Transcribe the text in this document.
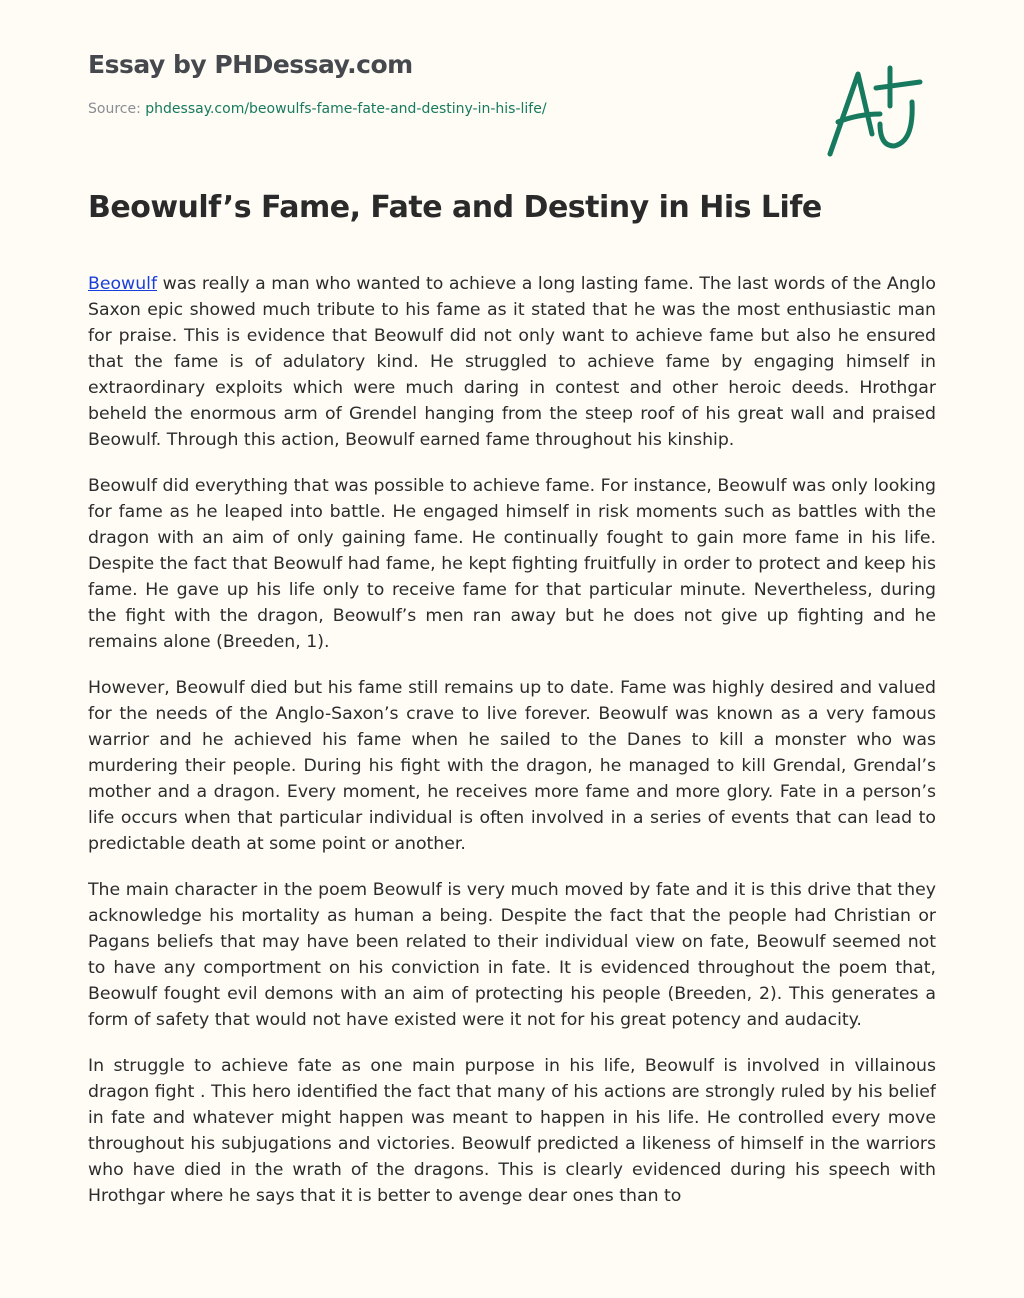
Essay by PHDessay.com
Source: phdessay.com/beowulfs-fame-fate-and-destiny-in-his-life/
Beowulf’s Fame, Fate and Destiny in His Life

Beowulf was really a man who wanted to achieve a long lasting fame. The last words of the Anglo Saxon epic showed much tribute to his fame as it stated that he was the most enthusiastic man for praise. This is evidence that Beowulf did not only want to achieve fame but also he ensured that the fame is of adulatory kind. He struggled to achieve fame by engaging himself in extraordinary exploits which were much daring in contest and other heroic deeds. Hrothgar beheld the enormous arm of Grendel hanging from the steep roof of his great wall and praised Beowulf. Through this action, Beowulf earned fame throughout his kinship.

Beowulf did everything that was possible to achieve fame. For instance, Beowulf was only looking for fame as he leaped into battle. He engaged himself in risk moments such as battles with the dragon with an aim of only gaining fame. He continually fought to gain more fame in his life. Despite the fact that Beowulf had fame, he kept fighting fruitfully in order to protect and keep his fame. He gave up his life only to receive fame for that particular minute. Nevertheless, during the fight with the dragon, Beowulf’s men ran away but he does not give up fighting and he remains alone (Breeden, 1).

However, Beowulf died but his fame still remains up to date. Fame was highly desired and valued for the needs of the Anglo-Saxon’s crave to live forever. Beowulf was known as a very famous warrior and he achieved his fame when he sailed to the Danes to kill a monster who was murdering their people. During his fight with the dragon, he managed to kill Grendal, Grendal’s mother and a dragon. Every moment, he receives more fame and more glory. Fate in a person’s life occurs when that particular individual is often involved in a series of events that can lead to predictable death at some point or another.

The main character in the poem Beowulf is very much moved by fate and it is this drive that they acknowledge his mortality as human a being. Despite the fact that the people had Christian or Pagans beliefs that may have been related to their individual view on fate, Beowulf seemed not to have any comportment on his conviction in fate. It is evidenced throughout the poem that, Beowulf fought evil demons with an aim of protecting his people (Breeden, 2). This generates a form of safety that would not have existed were it not for his great potency and audacity.

In struggle to achieve fate as one main purpose in his life, Beowulf is involved in villainous dragon fight . This hero identified the fact that many of his actions are strongly ruled by his belief in fate and whatever might happen was meant to happen in his life. He controlled every move throughout his subjugations and victories. Beowulf predicted a likeness of himself in the warriors who have died in the wrath of the dragons. This is clearly evidenced during his speech with Hrothgar where he says that it is better to avenge dear ones than to
